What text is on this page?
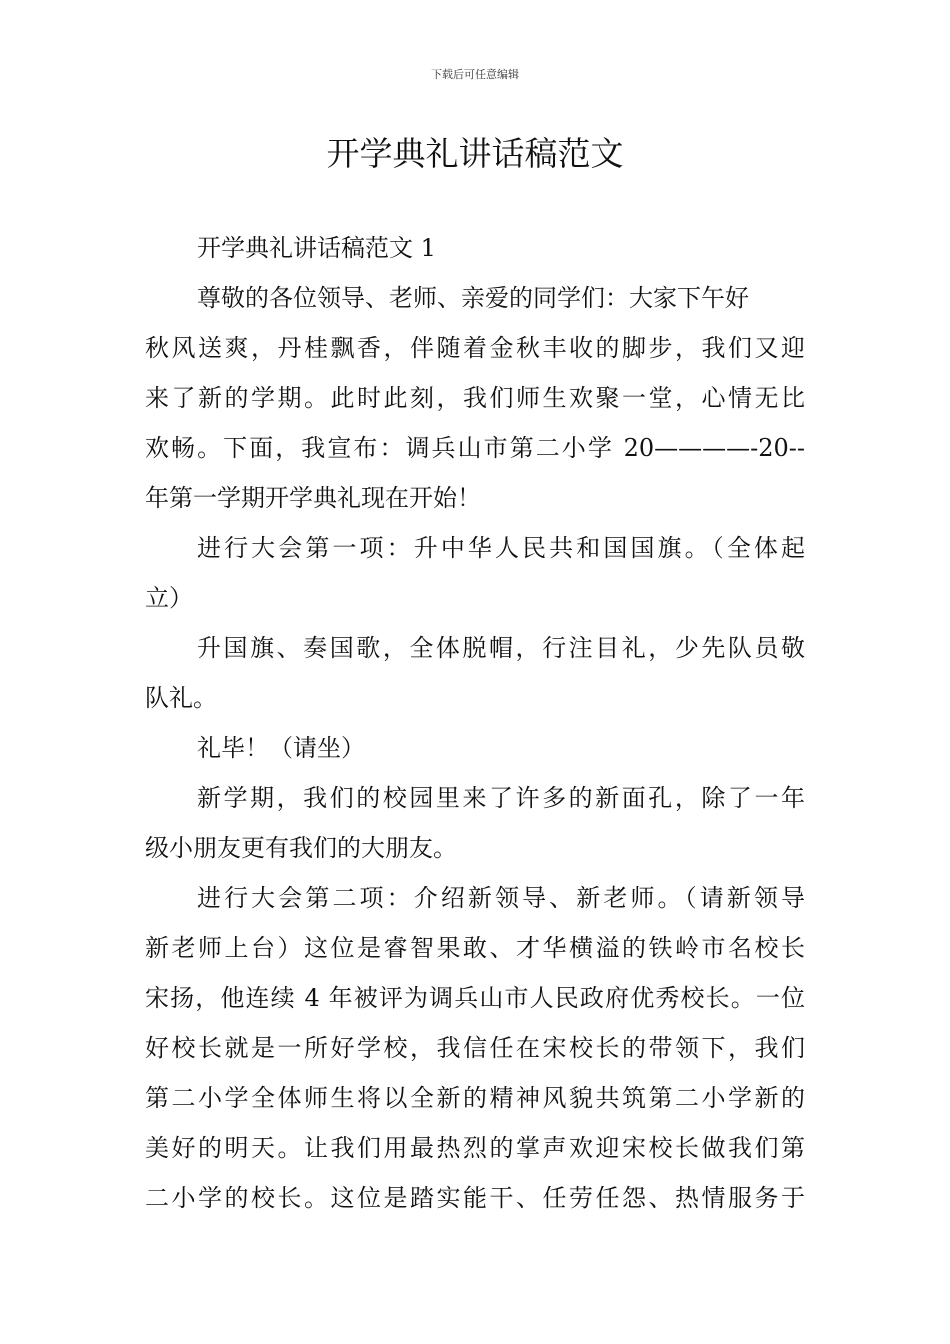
下载后可任意编辑
开学典礼讲话稿范文
开学典礼讲话稿范文 1
尊敬的各位领导、老师、亲爱的同学们：大家下午好
秋风送爽，丹桂飘香，伴随着金秋丰收的脚步，我们又迎
来了新的学期。此时此刻，我们师生欢聚一堂，心情无比
欢畅。下面，我宣布：调兵山市第二小学 20————-20--
年第一学期开学典礼现在开始！
进行大会第一项：升中华人民共和国国旗。（全体起
立）
升国旗、奏国歌，全体脱帽，行注目礼，少先队员敬
队礼。
礼毕！（请坐）
新学期，我们的校园里来了许多的新面孔，除了一年
级小朋友更有我们的大朋友。
进行大会第二项：介绍新领导、新老师。（请新领导
新老师上台）这位是睿智果敢、才华横溢的铁岭市名校长
宋扬，他连续 4 年被评为调兵山市人民政府优秀校长。一位
好校长就是一所好学校，我信任在宋校长的带领下，我们
第二小学全体师生将以全新的精神风貌共筑第二小学新的
美好的明天。让我们用最热烈的掌声欢迎宋校长做我们第
二小学的校长。这位是踏实能干、任劳任怨、热情服务于
